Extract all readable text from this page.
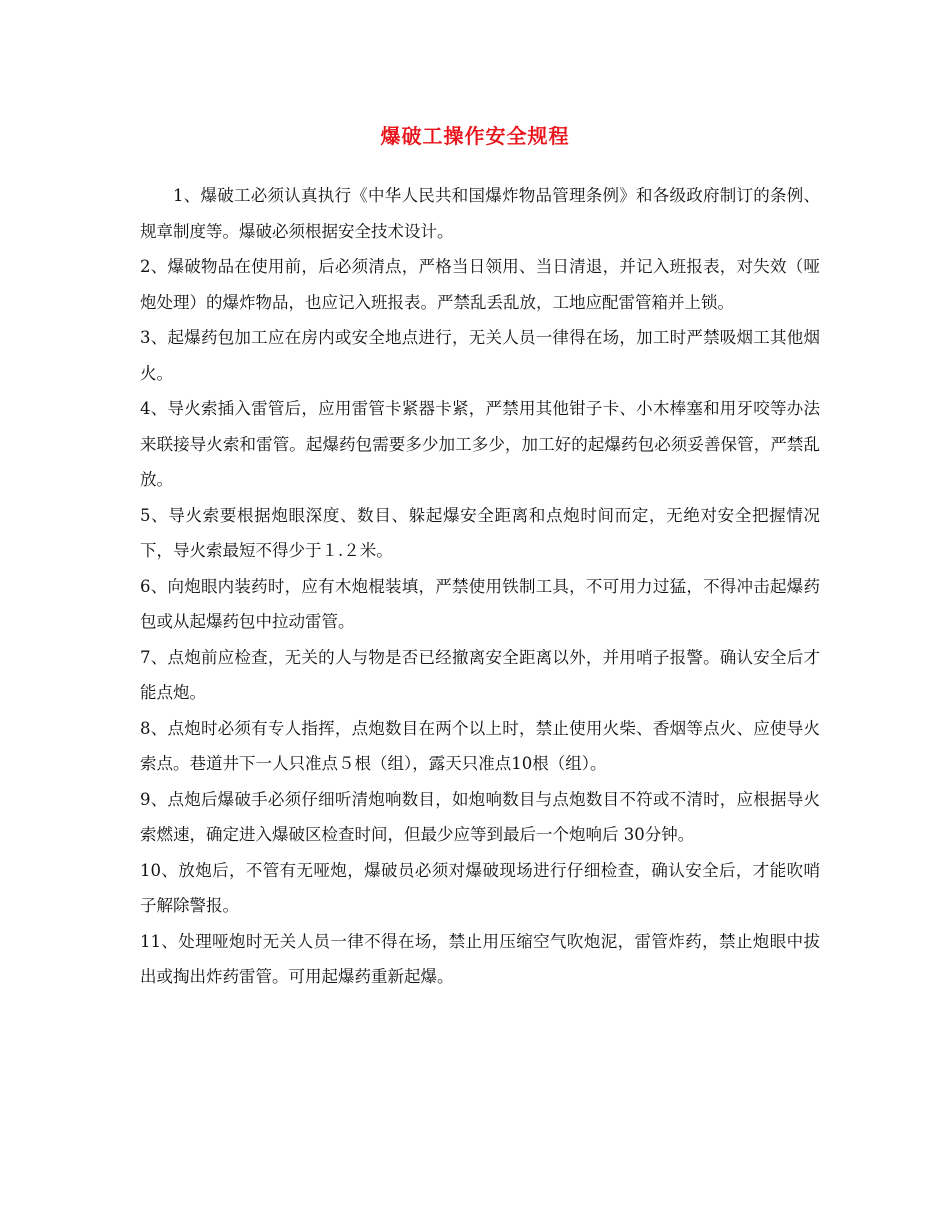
爆破工操作安全规程

1、爆破工必须认真执行《中华人民共和国爆炸物品管理条例》和各级政府制订的条例、规章制度等。爆破必须根据安全技术设计。

2、爆破物品在使用前，后必须清点，严格当日领用、当日清退，并记入班报表，对失效（哑炮处理）的爆炸物品，也应记入班报表。严禁乱丢乱放，工地应配雷管箱并上锁。

3、起爆药包加工应在房内或安全地点进行，无关人员一律得在场，加工时严禁吸烟工其他烟火。

4、导火索插入雷管后，应用雷管卡紧器卡紧，严禁用其他钳子卡、小木棒塞和用牙咬等办法来联接导火索和雷管。起爆药包需要多少加工多少，加工好的起爆药包必须妥善保管，严禁乱放。

5、导火索要根据炮眼深度、数目、躲起爆安全距离和点炮时间而定，无绝对安全把握情况下，导火索最短不得少于１.２米。

6、向炮眼内装药时，应有木炮棍装填，严禁使用铁制工具，不可用力过猛，不得冲击起爆药包或从起爆药包中拉动雷管。

7、点炮前应检查，无关的人与物是否已经撤离安全距离以外，并用哨子报警。确认安全后才能点炮。

8、点炮时必须有专人指挥，点炮数目在两个以上时，禁止使用火柴、香烟等点火、应使导火索点。巷道井下一人只准点５根（组），露天只准点10根（组）。

9、点炮后爆破手必须仔细听清炮响数目，如炮响数目与点炮数目不符或不清时，应根据导火索燃速，确定进入爆破区检查时间，但最少应等到最后一个炮响后 30分钟。

10、放炮后，不管有无哑炮，爆破员必须对爆破现场进行仔细检查，确认安全后，才能吹哨子解除警报。

11、处理哑炮时无关人员一律不得在场，禁止用压缩空气吹炮泥，雷管炸药，禁止炮眼中拔出或掏出炸药雷管。可用起爆药重新起爆。
